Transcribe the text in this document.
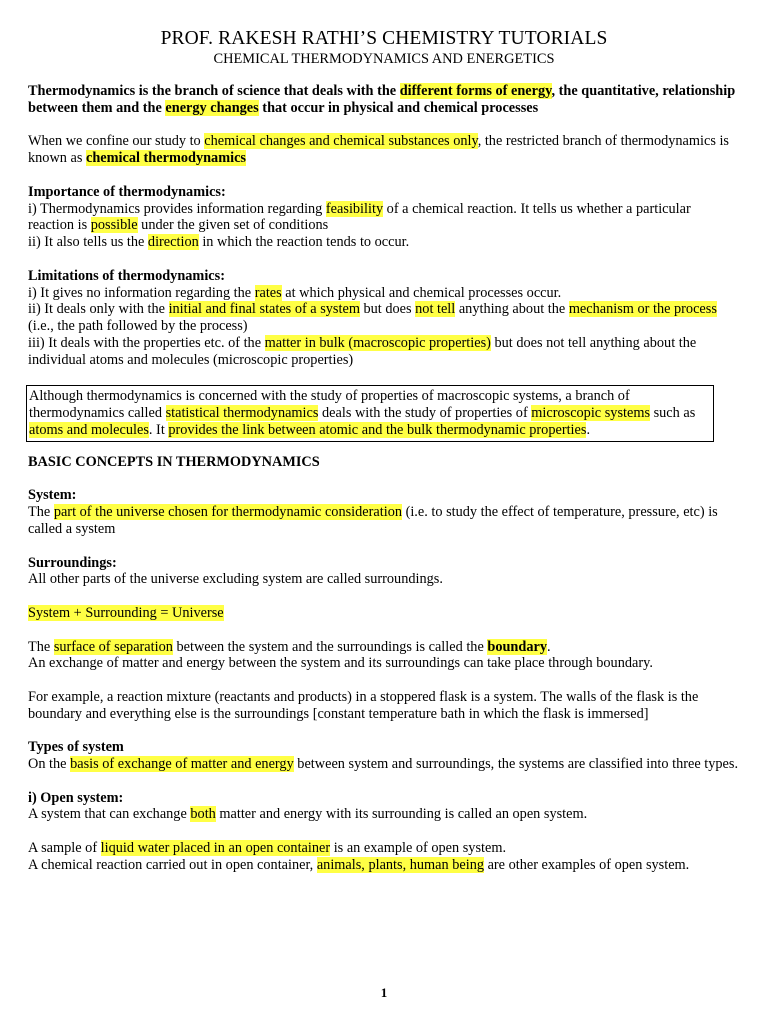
PROF. RAKESH RATHI’S CHEMISTRY TUTORIALS
CHEMICAL THERMODYNAMICS AND ENERGETICS

Thermodynamics is the branch of science that deals with the different forms of energy, the quantitative, relationship between them and the energy changes that occur in physical and chemical processes

When we confine our study to chemical changes and chemical substances only, the restricted branch of thermodynamics is known as chemical thermodynamics

Importance of thermodynamics:
i) Thermodynamics provides information regarding feasibility of a chemical reaction. It tells us whether a particular reaction is possible under the given set of conditions
ii) It also tells us the direction in which the reaction tends to occur.

Limitations of thermodynamics:
i) It gives no information regarding the rates at which physical and chemical processes occur.
ii) It deals only with the initial and final states of a system but does not tell anything about the mechanism or the process (i.e., the path followed by the process)
iii) It deals with the properties etc. of the matter in bulk (macroscopic properties) but does not tell anything about the individual atoms and molecules (microscopic properties)

Although thermodynamics is concerned with the study of properties of macroscopic systems, a branch of thermodynamics called statistical thermodynamics deals with the study of properties of microscopic systems such as atoms and molecules. It provides the link between atomic and the bulk thermodynamic properties.

BASIC CONCEPTS IN THERMODYNAMICS

System:
The part of the universe chosen for thermodynamic consideration (i.e. to study the effect of temperature, pressure, etc) is called a system

Surroundings:
All other parts of the universe excluding system are called surroundings.

System + Surrounding = Universe

The surface of separation between the system and the surroundings is called the boundary.
An exchange of matter and energy between the system and its surroundings can take place through boundary.

For example, a reaction mixture (reactants and products) in a stoppered flask is a system. The walls of the flask is the boundary and everything else is the surroundings [constant temperature bath in which the flask is immersed]

Types of system
On the basis of exchange of matter and energy between system and surroundings, the systems are classified into three types.

i) Open system:
A system that can exchange both matter and energy with its surrounding is called an open system.

A sample of liquid water placed in an open container is an example of open system.
A chemical reaction carried out in open container, animals, plants, human being are other examples of open system.

1
